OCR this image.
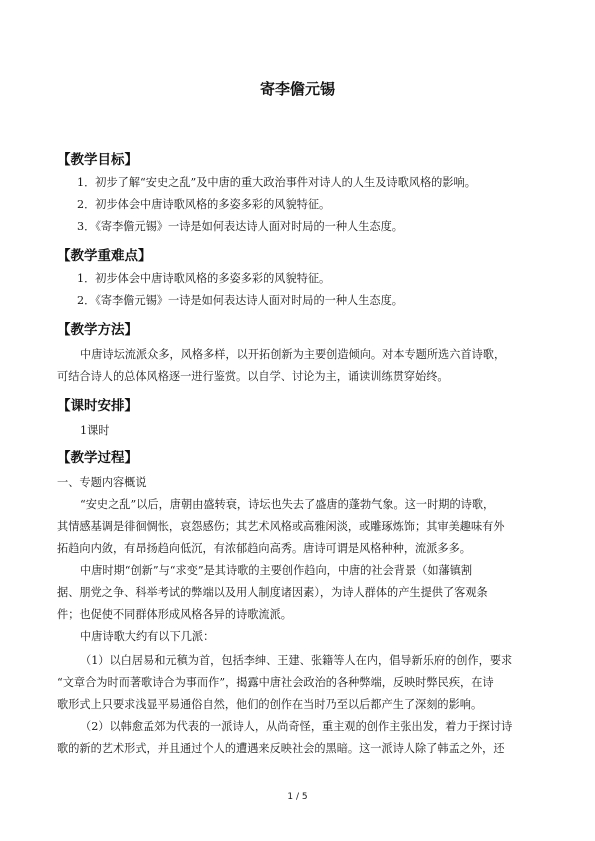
寄李儋元锡
【教学目标】
1．初步了解“安史之乱”及中唐的重大政治事件对诗人的人生及诗歌风格的影响。
2．初步体会中唐诗歌风格的多姿多彩的风貌特征。
3．《寄李儋元锡》一诗是如何表达诗人面对时局的一种人生态度。
【教学重难点】
1．初步体会中唐诗歌风格的多姿多彩的风貌特征。
2．《寄李儋元锡》一诗是如何表达诗人面对时局的一种人生态度。
【教学方法】
中唐诗坛流派众多，风格多样，以开拓创新为主要创造倾向。对本专题所选六首诗歌，
可结合诗人的总体风格逐一进行鉴赏。以自学、讨论为主，诵读训练贯穿始终。
【课时安排】
1课时
【教学过程】
一、专题内容概说
“安史之乱”以后，唐朝由盛转衰，诗坛也失去了盛唐的蓬勃气象。这一时期的诗歌，
其情感基调是徘徊惆怅，哀怨感伤；其艺术风格或高雅闲淡，或雕琢炼饰；其审美趣味有外
拓趋向内敛，有昂扬趋向低沉，有浓郁趋向高秀。唐诗可谓是风格种种，流派多多。
中唐时期“创新”与“求变”是其诗歌的主要创作趋向，中唐的社会背景（如藩镇割
据、朋党之争、科举考试的弊端以及用人制度诸因素），为诗人群体的产生提供了客观条
件；也促使不同群体形成风格各异的诗歌流派。
中唐诗歌大约有以下几派：
（1）以白居易和元稹为首，包括李绅、王建、张籍等人在内，倡导新乐府的创作，要求
“文章合为时而著歌诗合为事而作”，揭露中唐社会政治的各种弊端，反映时弊民疾，在诗
歌形式上只要求浅显平易通俗自然，他们的创作在当时乃至以后都产生了深刻的影响。
（2）以韩愈孟郊为代表的一派诗人，从尚奇怪，重主观的创作主张出发，着力于探讨诗
歌的新的艺术形式，并且通过个人的遭遇来反映社会的黑暗。这一派诗人除了韩孟之外，还
1 / 5
